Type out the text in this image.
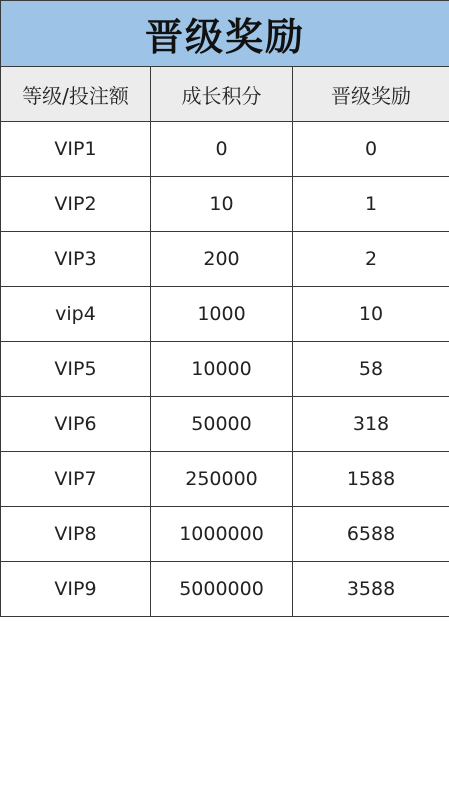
晋级奖励		
等级/投注额	成长积分	晋级奖励
VIP1	0	0
VIP2	10	1
VIP3	200	2
vip4	1000	10
VIP5	10000	58
VIP6	50000	318
VIP7	250000	1588
VIP8	1000000	6588
VIP9	5000000	3588
